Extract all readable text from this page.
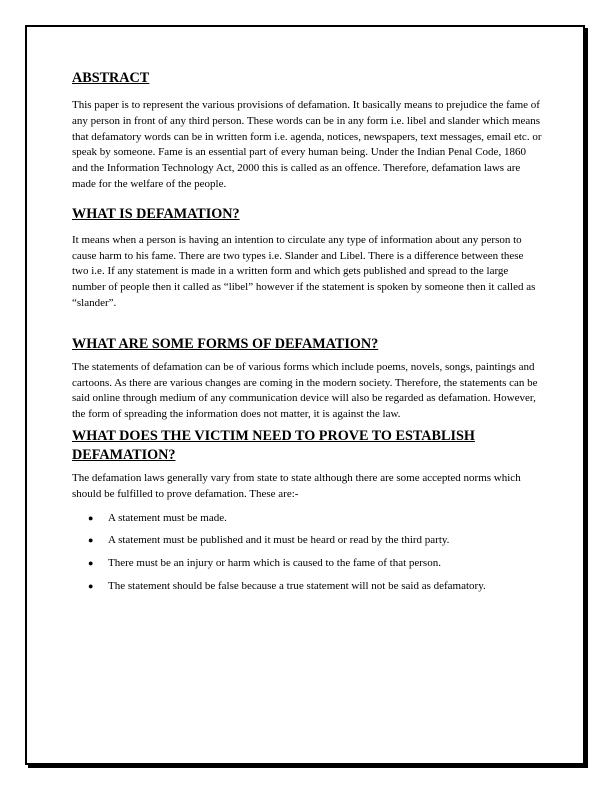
ABSTRACT

This paper is to represent the various provisions of defamation. It basically means to prejudice the fame of any person in front of any third person. These words can be in any form i.e. libel and slander which means that defamatory words can be in written form i.e. agenda, notices, newspapers, text messages, email etc. or speak by someone. Fame is an essential part of every human being. Under the Indian Penal Code, 1860 and the Information Technology Act, 2000 this is called as an offence. Therefore, defamation laws are made for the welfare of the people.

WHAT IS DEFAMATION?

It means when a person is having an intention to circulate any type of information about any person to cause harm to his fame. There are two types i.e. Slander and Libel. There is a difference between these two i.e. If any statement is made in a written form and which gets published and spread to the large number of people then it called as “libel” however if the statement is spoken by someone then it called as “slander”.

WHAT ARE SOME FORMS OF DEFAMATION?

The statements of defamation can be of various forms which include poems, novels, songs, paintings and cartoons. As there are various changes are coming in the modern society. Therefore, the statements can be said online through medium of any communication device will also be regarded as defamation. However, the form of spreading the information does not matter, it is against the law.

WHAT DOES THE VICTIM NEED TO PROVE TO ESTABLISH DEFAMATION?

The defamation laws generally vary from state to state although there are some accepted norms which should be fulfilled to prove defamation. These are:-

● A statement must be made.
● A statement must be published and it must be heard or read by the third party.
● There must be an injury or harm which is caused to the fame of that person.
● The statement should be false because a true statement will not be said as defamatory.
